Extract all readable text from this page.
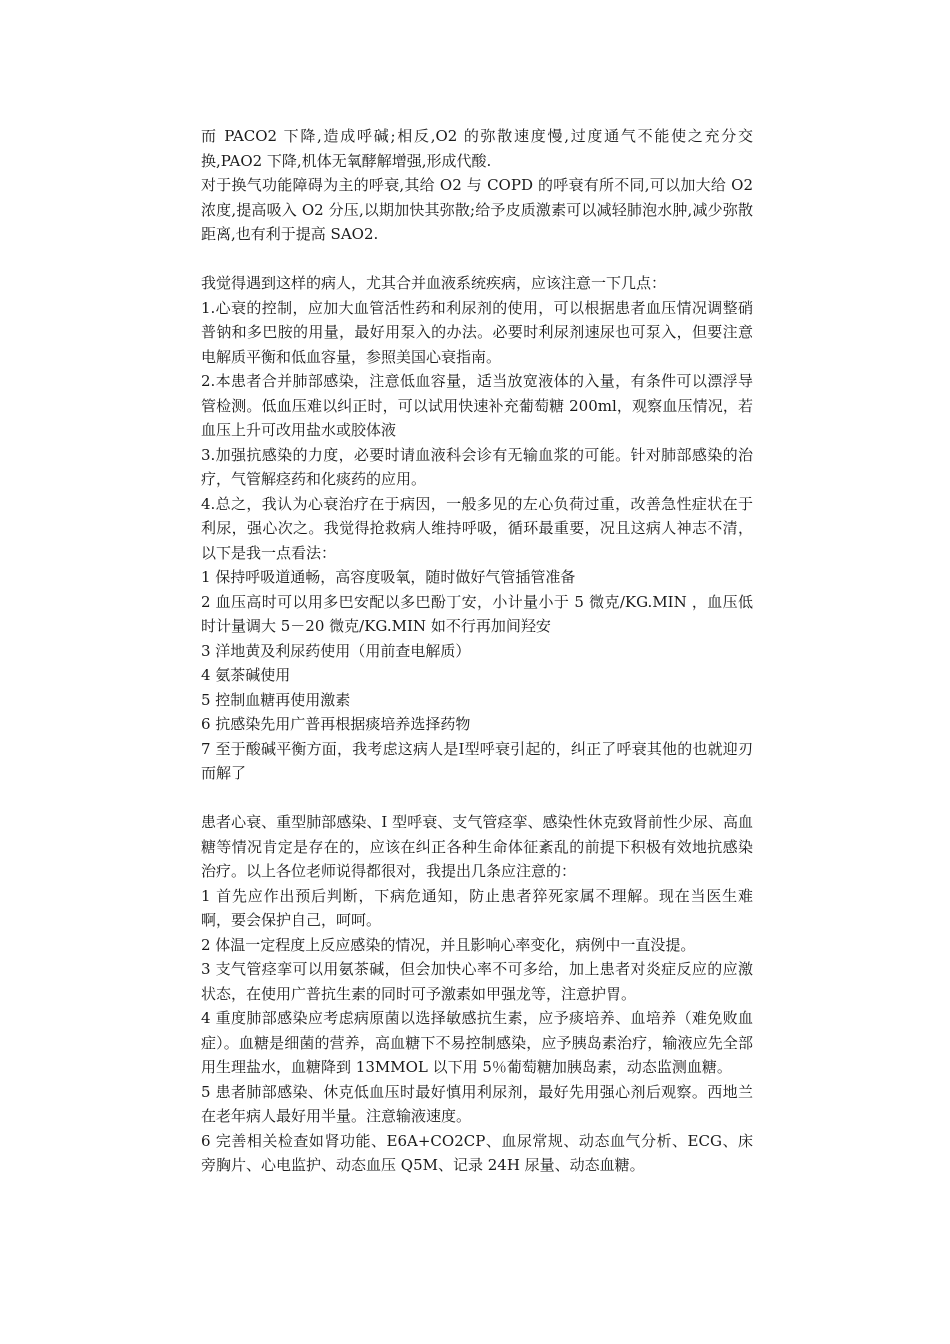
而 PACO2 下降,造成呼碱;相反,O2 的弥散速度慢,过度通气不能使之充分交换,PAO2 下降,机体无氧酵解增强,形成代酸.

对于换气功能障碍为主的呼衰,其给 O2 与 COPD 的呼衰有所不同,可以加大给 O2 浓度,提高吸入 O2 分压,以期加快其弥散;给予皮质激素可以减轻肺泡水肿,减少弥散距离,也有利于提高 SAO2.

我觉得遇到这样的病人，尤其合并血液系统疾病，应该注意一下几点：

1.心衰的控制，应加大血管活性药和利尿剂的使用，可以根据患者血压情况调整硝普钠和多巴胺的用量，最好用泵入的办法。必要时利尿剂速尿也可泵入，但要注意电解质平衡和低血容量，参照美国心衰指南。

2.本患者合并肺部感染，注意低血容量，适当放宽液体的入量，有条件可以漂浮导管检测。低血压难以纠正时，可以试用快速补充葡萄糖 200ml，观察血压情况，若血压上升可改用盐水或胶体液

3.加强抗感染的力度，必要时请血液科会诊有无输血浆的可能。针对肺部感染的治疗，气管解痉药和化痰药的应用。

4.总之，我认为心衰治疗在于病因，一般多见的左心负荷过重，改善急性症状在于利尿，强心次之。我觉得抢救病人维持呼吸，循环最重要，况且这病人神志不清，以下是我一点看法：

1 保持呼吸道通畅，高容度吸氧，随时做好气管插管准备

2 血压高时可以用多巴安配以多巴酚丁安，小计量小于 5 微克/KG.MIN ，血压低时计量调大 5－20 微克/KG.MIN 如不行再加间羟安

3 洋地黄及利尿药使用（用前查电解质）

4 氨茶碱使用

5 控制血糖再使用激素

6 抗感染先用广普再根据痰培养选择药物

7 至于酸碱平衡方面，我考虑这病人是Ⅰ型呼衰引起的，纠正了呼衰其他的也就迎刃而解了

患者心衰、重型肺部感染、I 型呼衰、支气管痉挛、感染性休克致肾前性少尿、高血糖等情况肯定是存在的，应该在纠正各种生命体征紊乱的前提下积极有效地抗感染治疗。以上各位老师说得都很对，我提出几条应注意的：

1 首先应作出预后判断，下病危通知，防止患者猝死家属不理解。现在当医生难啊，要会保护自己，呵呵。

2 体温一定程度上反应感染的情况，并且影响心率变化，病例中一直没提。

3 支气管痉挛可以用氨茶碱，但会加快心率不可多给，加上患者对炎症反应的应激状态，在使用广普抗生素的同时可予激素如甲强龙等，注意护胃。

4 重度肺部感染应考虑病原菌以选择敏感抗生素，应予痰培养、血培养（难免败血症）。血糖是细菌的营养，高血糖下不易控制感染，应予胰岛素治疗，输液应先全部用生理盐水，血糖降到 13MMOL 以下用 5％葡萄糖加胰岛素，动态监测血糖。

5 患者肺部感染、休克低血压时最好慎用利尿剂，最好先用强心剂后观察。西地兰在老年病人最好用半量。注意输液速度。

6 完善相关检查如肾功能、E6A+CO2CP、血尿常规、动态血气分析、ECG、床旁胸片、心电监护、动态血压 Q5M、记录 24H 尿量、动态血糖。
